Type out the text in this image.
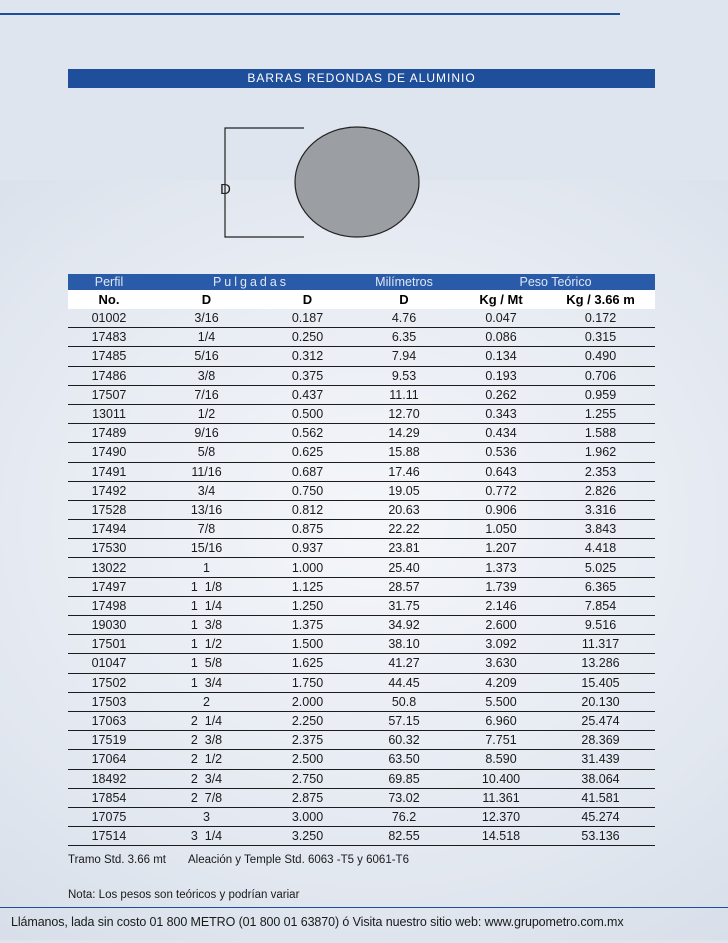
BARRAS REDONDAS DE ALUMINIO
D
Perfil	Pulgadas		Milímetros	Peso Teórico	
No.	D	D	D	Kg / Mt	Kg / 3.66 m
01002	3/16	0.187	4.76	0.047	0.172
17483	1/4	0.250	6.35	0.086	0.315
17485	5/16	0.312	7.94	0.134	0.490
17486	3/8	0.375	9.53	0.193	0.706
17507	7/16	0.437	11.11	0.262	0.959
13011	1/2	0.500	12.70	0.343	1.255
17489	9/16	0.562	14.29	0.434	1.588
17490	5/8	0.625	15.88	0.536	1.962
17491	11/16	0.687	17.46	0.643	2.353
17492	3/4	0.750	19.05	0.772	2.826
17528	13/16	0.812	20.63	0.906	3.316
17494	7/8	0.875	22.22	1.050	3.843
17530	15/16	0.937	23.81	1.207	4.418
13022	1	1.000	25.40	1.373	5.025
17497	1  1/8	1.125	28.57	1.739	6.365
17498	1  1/4	1.250	31.75	2.146	7.854
19030	1  3/8	1.375	34.92	2.600	9.516
17501	1  1/2	1.500	38.10	3.092	11.317
01047	1  5/8	1.625	41.27	3.630	13.286
17502	1  3/4	1.750	44.45	4.209	15.405
17503	2	2.000	50.8	5.500	20.130
17063	2  1/4	2.250	57.15	6.960	25.474
17519	2  3/8	2.375	60.32	7.751	28.369
17064	2  1/2	2.500	63.50	8.590	31.439
18492	2  3/4	2.750	69.85	10.400	38.064
17854	2  7/8	2.875	73.02	11.361	41.581
17075	3	3.000	76.2	12.370	45.274
17514	3  1/4	3.250	82.55	14.518	53.136
Tramo Std. 3.66 mt Aleación y Temple Std. 6063 -T5 y 6061-T6
Nota: Los pesos son teóricos y podrían variar
Llámanos, lada sin costo 01 800 METRO (01 800 01 63870) ó Visita nuestro sitio web: www.grupometro.com.mx
